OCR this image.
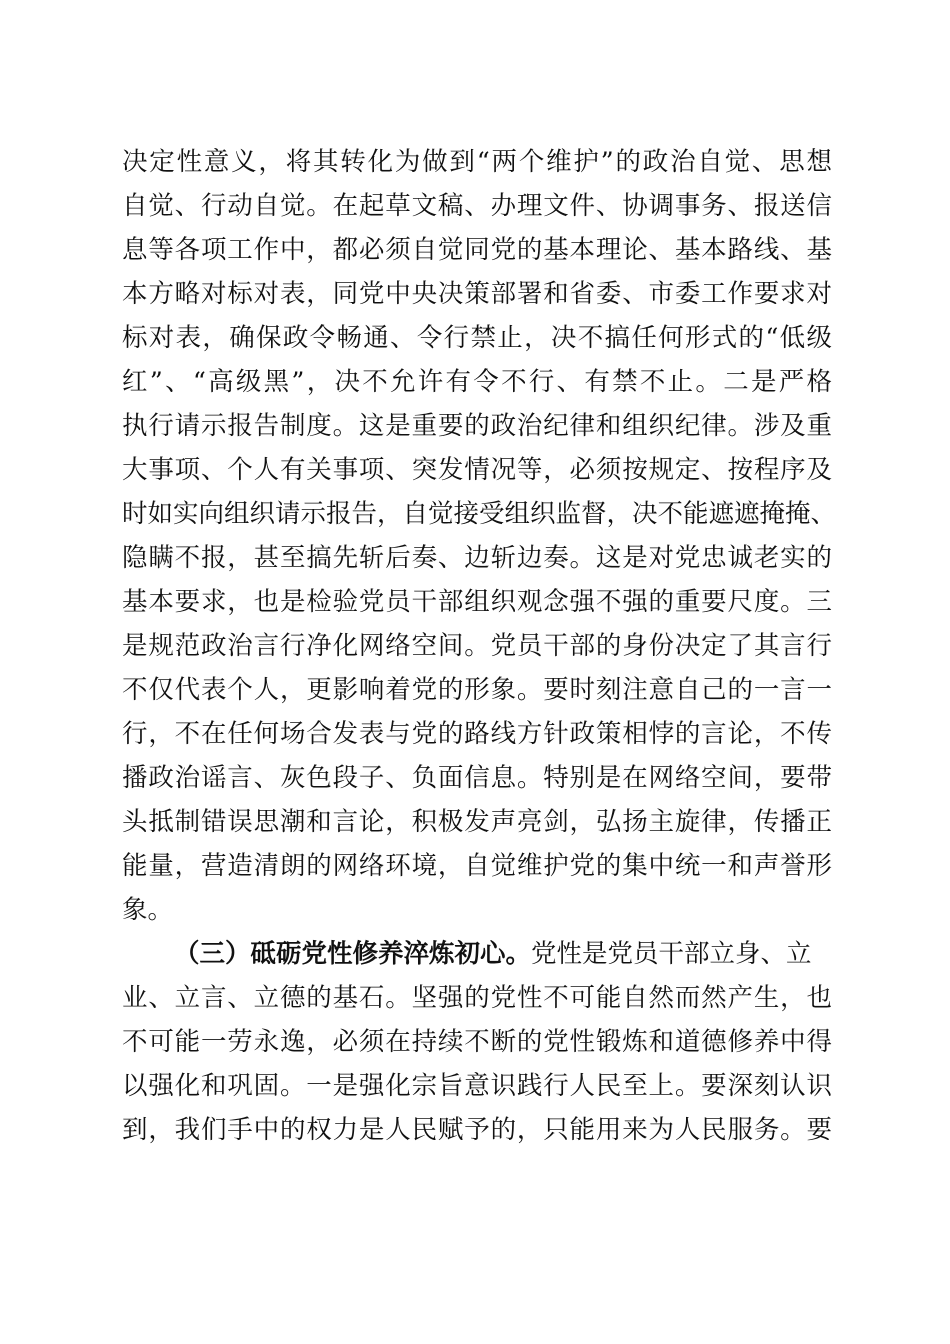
决定性意义，将其转化为做到“两个维护”的政治自觉、思想

自觉、行动自觉。在起草文稿、办理文件、协调事务、报送信

息等各项工作中，都必须自觉同党的基本理论、基本路线、基

本方略对标对表，同党中央决策部署和省委、市委工作要求对

标对表，确保政令畅通、令行禁止，决不搞任何形式的“低级

红”、“高级黑”，决不允许有令不行、有禁不止。二是严格

执行请示报告制度。这是重要的政治纪律和组织纪律。涉及重

大事项、个人有关事项、突发情况等，必须按规定、按程序及

时如实向组织请示报告，自觉接受组织监督，决不能遮遮掩掩、

隐瞒不报，甚至搞先斩后奏、边斩边奏。这是对党忠诚老实的

基本要求，也是检验党员干部组织观念强不强的重要尺度。三

是规范政治言行净化网络空间。党员干部的身份决定了其言行

不仅代表个人，更影响着党的形象。要时刻注意自己的一言一

行，不在任何场合发表与党的路线方针政策相悖的言论，不传

播政治谣言、灰色段子、负面信息。特别是在网络空间，要带

头抵制错误思潮和言论，积极发声亮剑，弘扬主旋律，传播正

能量，营造清朗的网络环境，自觉维护党的集中统一和声誉形

象。

（三）砥砺党性修养淬炼初心。党性是党员干部立身、立

业、立言、立德的基石。坚强的党性不可能自然而然产生，也

不可能一劳永逸，必须在持续不断的党性锻炼和道德修养中得

以强化和巩固。一是强化宗旨意识践行人民至上。要深刻认识

到，我们手中的权力是人民赋予的，只能用来为人民服务。要
